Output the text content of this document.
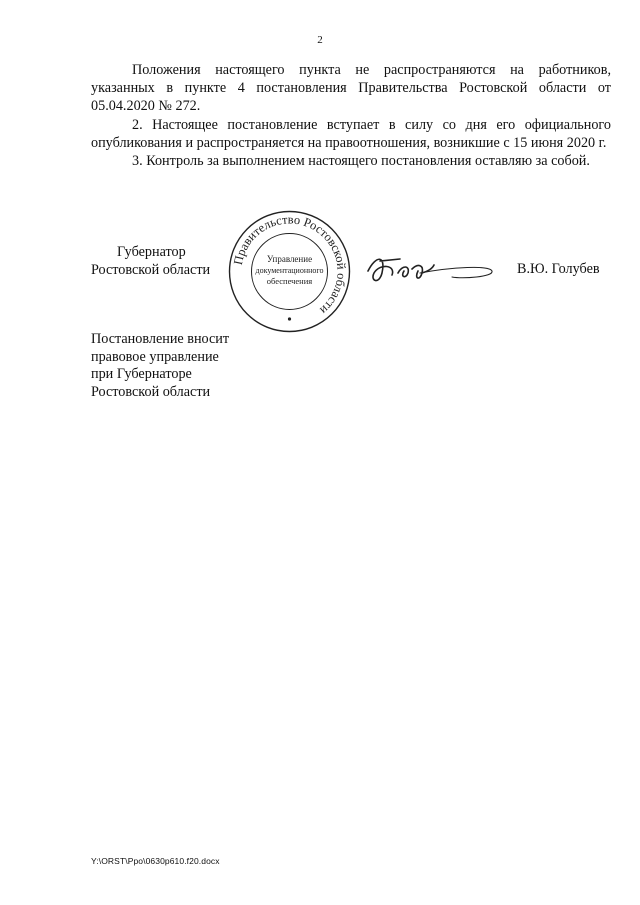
2

Положения настоящего пункта не распространяются на работников, указанных в пункте 4 постановления Правительства Ростовской области от 05.04.2020 № 272.

2. Настоящее постановление вступает в силу со дня его официального опубликования и распространяется на правоотношения, возникшие с 15 июня 2020 г.

3. Контроль за выполнением настоящего постановления оставляю за собой.

Губернатор
Ростовской области
Правительство Ростовской области
Управление
документационного
обеспечения
В.Ю. Голубев
Постановление вносит
правовое управление
при Губернаторе
Ростовской области
Y:\ORST\Ppo\0630p610.f20.docx
